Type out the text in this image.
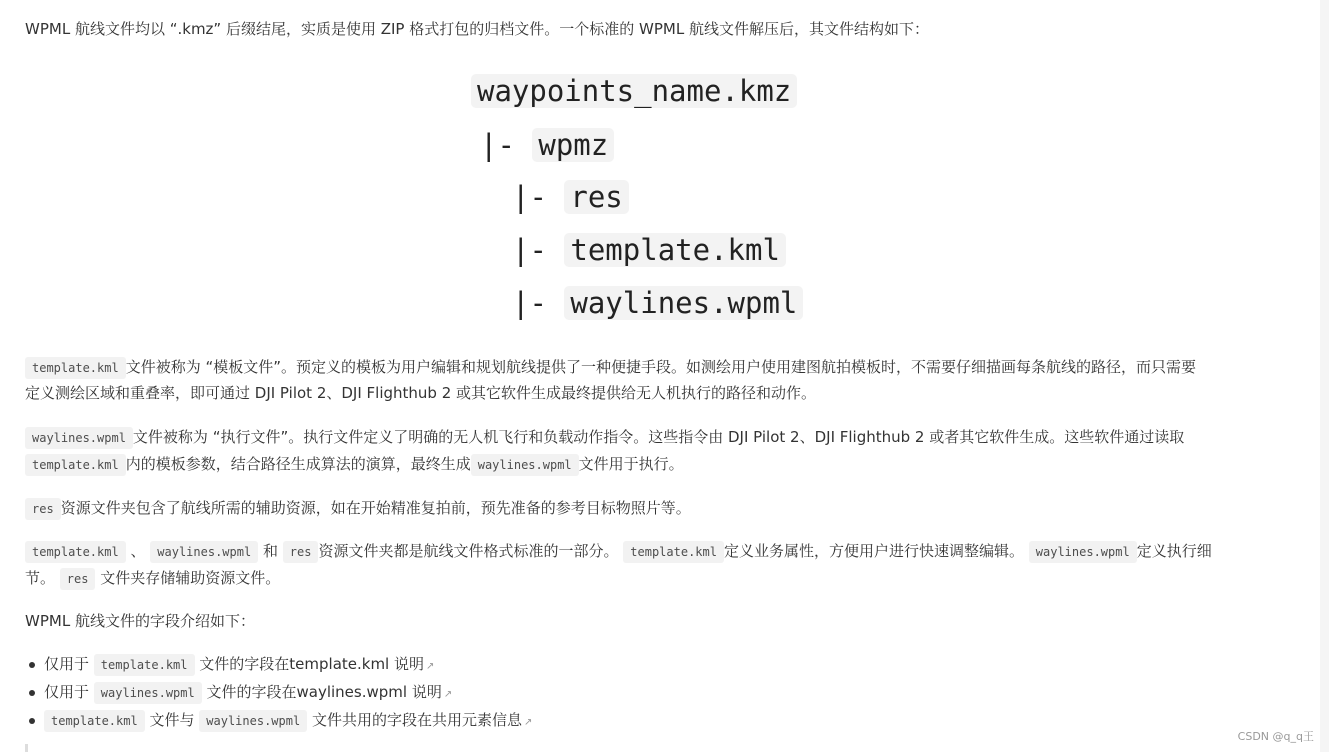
WPML 航线文件均以 “.kmz” 后缀结尾，实质是使用 ZIP 格式打包的归档文件。一个标准的 WPML 航线文件解压后，其文件结构如下：
waypoints_name.kmz
|- wpmz
|- res
|- template.kml
|- waylines.wpml
template.kml 文件被称为 “模板文件”。预定义的模板为用户编辑和规划航线提供了一种便捷手段。如测绘用户使用建图航拍模板时，不需要仔细描画每条航线的路径，而只需要
定义测绘区域和重叠率，即可通过 DJI Pilot 2、DJI Flighthub 2 或其它软件生成最终提供给无人机执行的路径和动作。
waylines.wpml 文件被称为 “执行文件”。执行文件定义了明确的无人机飞行和负载动作指令。这些指令由 DJI Pilot 2、DJI Flighthub 2 或者其它软件生成。这些软件通过读取
template.kml 内的模板参数，结合路径生成算法的演算，最终生成 waylines.wpml 文件用于执行。
res 资源文件夹包含了航线所需的辅助资源，如在开始精准复拍前，预先准备的参考目标物照片等。
template.kml 、 waylines.wpml 和 res 资源文件夹都是航线文件格式标准的一部分。 template.kml 定义业务属性，方便用户进行快速调整编辑。 waylines.wpml 定义执行细
节。 res 文件夹存储辅助资源文件。
WPML 航线文件的字段介绍如下：
仅用于 template.kml 文件的字段在template.kml 说明 ↗
仅用于 waylines.wpml 文件的字段在waylines.wpml 说明 ↗
template.kml 文件与 waylines.wpml 文件共用的字段在共用元素信息 ↗
CSDN @q_q王
